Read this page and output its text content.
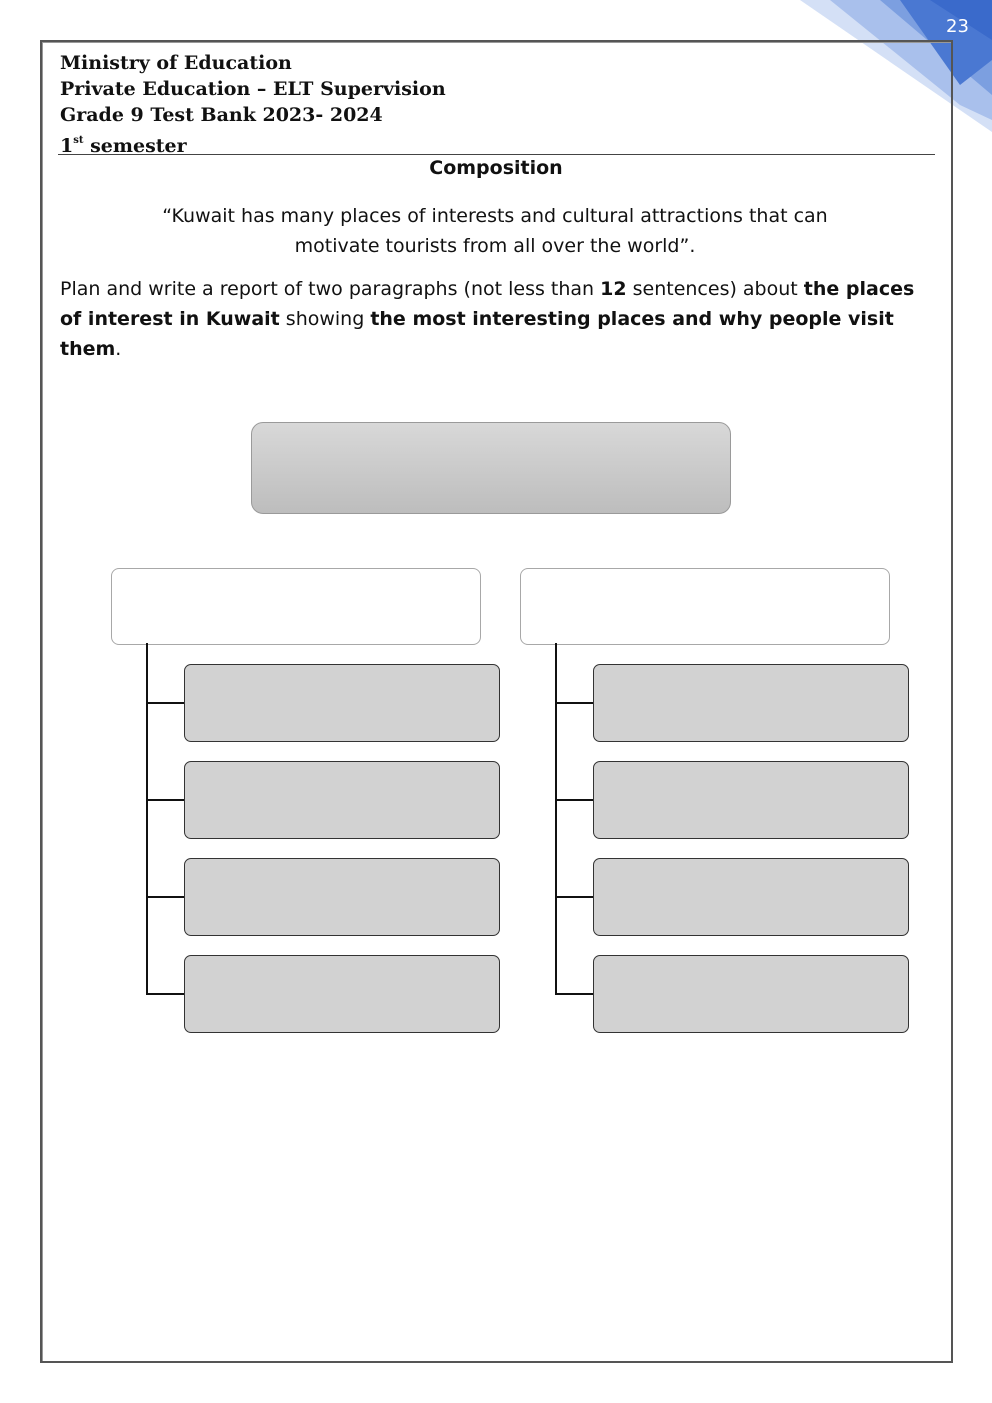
23
Ministry of Education
Private Education – ELT Supervision
Grade 9 Test Bank 2023- 2024
1st semester
Composition
“Kuwait has many places of interests and cultural attractions that can motivate tourists from all over the world”.
Plan and write a report of two paragraphs (not less than 12 sentences) about the places of interest in Kuwait showing the most interesting places and why people visit them.
